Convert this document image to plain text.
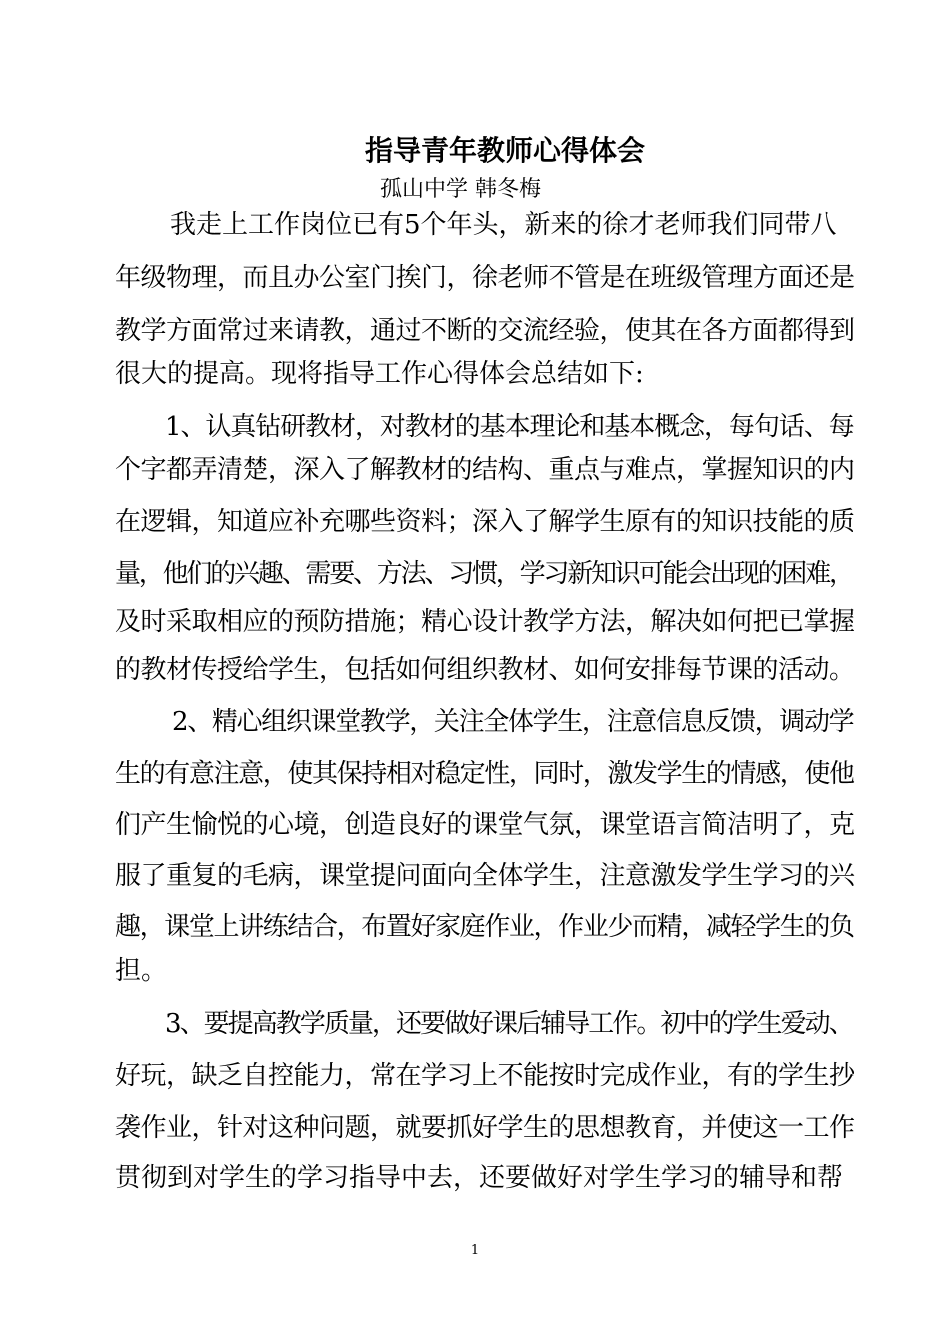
指导青年教师心得体会

孤山中学 韩冬梅

我走上工作岗位已有5个年头，新来的徐才老师我们同带八

年级物理，而且办公室门挨门，徐老师不管是在班级管理方面还是

教学方面常过来请教，通过不断的交流经验，使其在各方面都得到

很大的提高。现将指导工作心得体会总结如下:

1、认真钻研教材，对教材的基本理论和基本概念，每句话、每

个字都弄清楚，深入了解教材的结构、重点与难点，掌握知识的内

在逻辑，知道应补充哪些资料；深入了解学生原有的知识技能的质

量，他们的兴趣、需要、方法、习惯，学习新知识可能会出现的困难，

及时采取相应的预防措施；精心设计教学方法，解决如何把已掌握

的教材传授给学生，包括如何组织教材、如何安排每节课的活动。

2、精心组织课堂教学，关注全体学生，注意信息反馈，调动学

生的有意注意，使其保持相对稳定性，同时，激发学生的情感，使他

们产生愉悦的心境，创造良好的课堂气氛，课堂语言简洁明了，克

服了重复的毛病，课堂提问面向全体学生，注意激发学生学习的兴

趣，课堂上讲练结合，布置好家庭作业，作业少而精，减轻学生的负

担。

3、要提高教学质量，还要做好课后辅导工作。初中的学生爱动、

好玩，缺乏自控能力，常在学习上不能按时完成作业，有的学生抄

袭作业，针对这种问题，就要抓好学生的思想教育，并使这一工作

贯彻到对学生的学习指导中去，还要做好对学生学习的辅导和帮

1
